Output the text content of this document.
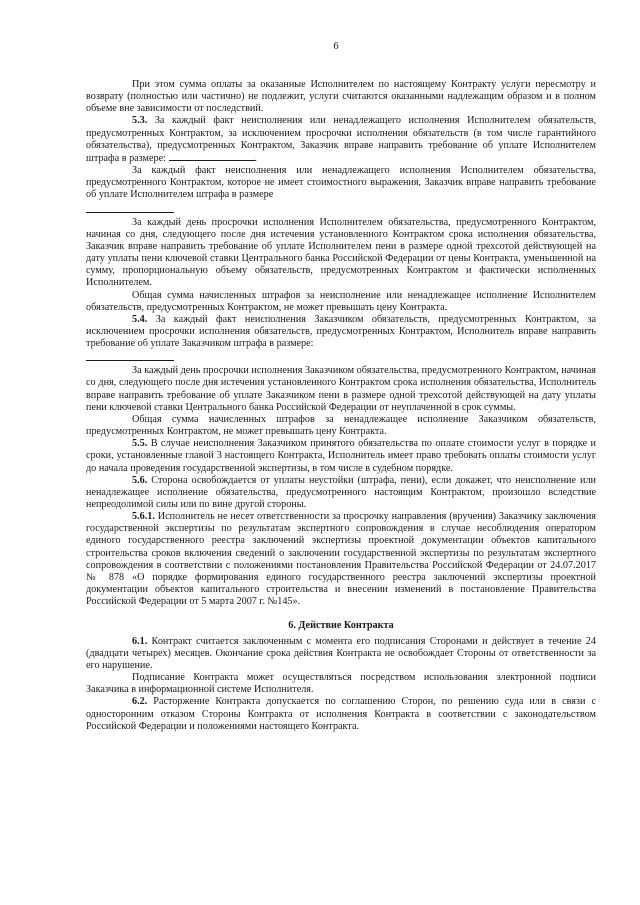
6

При этом сумма оплаты за оказанные Исполнителем по настоящему Контракту услуги пересмотру и возврату (полностью или частично) не подлежит, услуги считаются оказанными надлежащим образом и в полном объеме вне зависимости от последствий.

5.3. За каждый факт неисполнения или ненадлежащего исполнения Исполнителем обязательств, предусмотренных Контрактом, за исключением просрочки исполнения обязательств (в том числе гарантийного обязательства), предусмотренных Контрактом, Заказчик вправе направить требование об уплате Исполнителем штрафа в размере:	.

За каждый факт неисполнения или ненадлежащего исполнения Исполнителем обязательства, предусмотренного Контрактом, которое не имеет стоимостного выражения, Заказчик вправе направить требование об уплате Исполнителем штрафа в размере

За каждый день просрочки исполнения Исполнителем обязательства, предусмотренного Контрактом, начиная со дня, следующего после дня истечения установленного Контрактом срока исполнения обязательства, Заказчик вправе направить требование об уплате Исполнителем пени в размере одной трехсотой действующей на дату уплаты пени ключевой ставки Центрального банка Российской Федерации от цены Контракта, уменьшенной на сумму, пропорциональную объему обязательств, предусмотренных Контрактом и фактически исполненных Исполнителем.

Общая сумма начисленных штрафов за неисполнение или ненадлежащее исполнение Исполнителем обязательств, предусмотренных Контрактом, не может превышать цену Контракта.

5.4. За каждый факт неисполнения Заказчиком обязательств, предусмотренных Контрактом, за исключением просрочки исполнения обязательств, предусмотренных Контрактом, Исполнитель вправе направить требование об уплате Заказчиком штрафа в размере:

За каждый день просрочки исполнения Заказчиком обязательства, предусмотренного Контрактом, начиная со дня, следующего после дня истечения установленного Контрактом срока исполнения обязательства, Исполнитель вправе направить требование об уплате Заказчиком пени в размере одной трехсотой действующей на дату уплаты пени ключевой ставки Центрального банка Российской Федерации от неуплаченной в срок суммы.

Общая сумма начисленных штрафов за ненадлежащее исполнение Заказчиком обязательств, предусмотренных Контрактом, не может превышать цену Контракта.

5.5. В случае неисполнения Заказчиком принятого обязательства по оплате стоимости услуг в порядке и сроки, установленные главой 3 настоящего Контракта, Исполнитель имеет право требовать оплаты стоимости услуг до начала проведения государственной экспертизы, в том числе в судебном порядке.

5.6. Сторона освобождается от уплаты неустойки (штрафа, пени), если докажет, что неисполнение или ненадлежащее исполнение обязательства, предусмотренного настоящим Контрактом, произошло вследствие непреодолимой силы или по вине другой стороны.

5.6.1. Исполнитель не несет ответственности за просрочку направления (вручения) Заказчику заключения государственной экспертизы по результатам экспертного сопровождения в случае несоблюдения оператором единого государственного реестра заключений экспертизы проектной документации объектов капитального строительства сроков включения сведений о заключении государственной экспертизы по результатам экспертного сопровождения в соответствии с положениями постановления Правительства Российской Федерации от 24.07.2017 № 878 «О порядке формирования единого государственного реестра заключений экспертизы проектной документации объектов капитального строительства и внесении изменений в постановление Правительства Российской Федерации от 5 марта 2007 г. №145».

6. Действие Контракта

6.1. Контракт считается заключенным с момента его подписания Сторонами и действует в течение 24 (двадцати четырех) месяцев. Окончание срока действия Контракта не освобождает Стороны от ответственности за его нарушение.

Подписание Контракта может осуществляться посредством использования электронной подписи Заказчика в информационной системе Исполнителя.

6.2. Расторжение Контракта допускается по соглашению Сторон, по решению суда или в связи с односторонним отказом Стороны Контракта от исполнения Контракта в соответствии с законодательством Российской Федерации и положениями настоящего Контракта.
